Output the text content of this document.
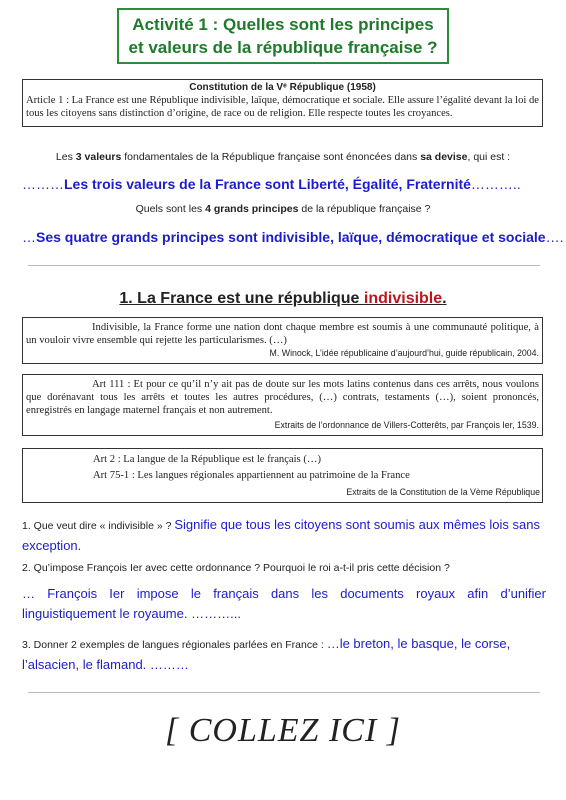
Activité 1 : Quelles sont les principes
et valeurs de la république française ?
Constitution de la Vᵉ République (1958)
Article 1 : La France est une République indivisible, laïque, démocratique et sociale. Elle assure l’égalité devant la loi de tous les citoyens sans distinction d’origine, de race ou de religion. Elle respecte toutes les croyances.
Les 3 valeurs fondamentales de la République française sont énoncées dans sa devise, qui est :
………Les trois valeurs de la France sont Liberté, Égalité, Fraternité………..
Quels sont les 4 grands principes de la république française ?
…Ses quatre grands principes sont indivisible, laïque, démocratique et sociale….
1. La France est une république indivisible.
Indivisible, la France forme une nation dont chaque membre est soumis à une communauté politique, à un vouloir vivre ensemble qui rejette les particularismes. (…)
M. Winock, L’idée républicaine d’aujourd’hui, guide républicain, 2004.
Art 111 : Et pour ce qu’il n’y ait pas de doute sur les mots latins contenus dans ces arrêts, nous voulons que dorénavant tous les arrêts et toutes les autres procédures, (…) contrats, testaments (…), soient prononcés, enregistrés en langage maternel français et non autrement.
Extraits de l’ordonnance de Villers-Cotterêts, par François Ier, 1539.
Art 2 : La langue de la République est le français (…)
Art 75-1 : Les langues régionales appartiennent au patrimoine de la France
Extraits de la Constitution de la Vème République
1. Que veut dire « indivisible » ? Signifie que tous les citoyens sont soumis aux mêmes lois sans exception.
2. Qu’impose François Ier avec cette ordonnance ? Pourquoi le roi a-t-il pris cette décision ?
… François Ier impose le français dans les documents royaux afin d’unifier linguistiquement le royaume. ………...
3. Donner 2 exemples de langues régionales parlées en France : …le breton, le basque, le corse, l’alsacien, le flamand. ………
[ COLLEZ ICI ]
